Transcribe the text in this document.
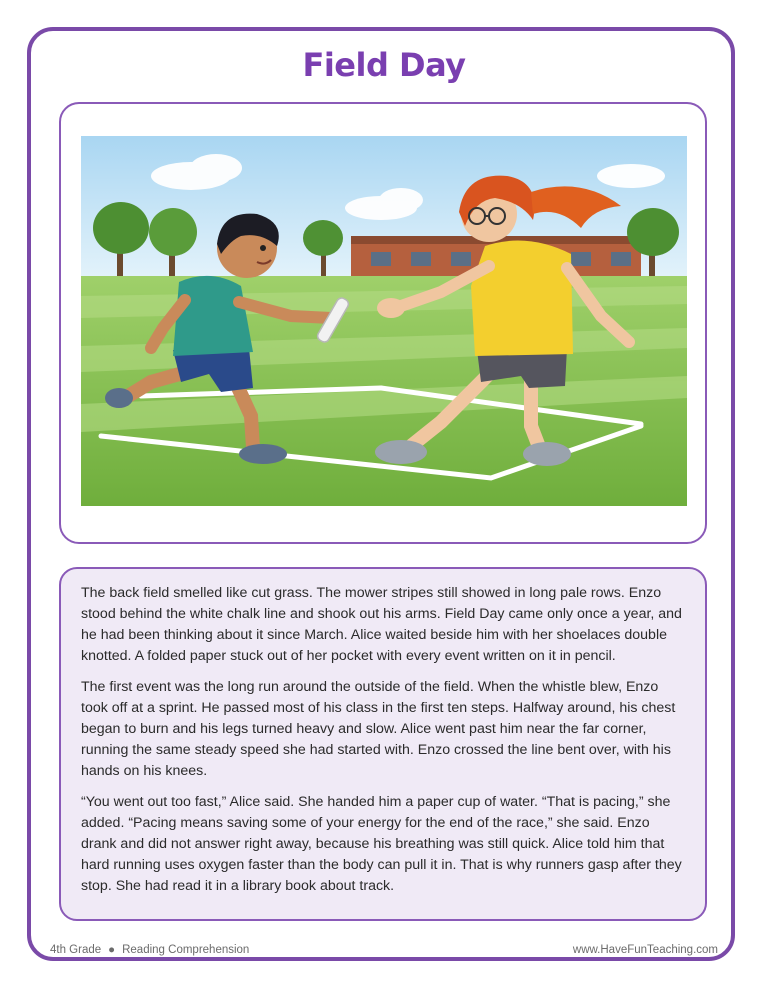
Field Day

The back field smelled like cut grass. The mower stripes still showed in long pale rows. Enzo stood behind the white chalk line and shook out his arms. Field Day came only once a year, and he had been thinking about it since March. Alice waited beside him with her shoelaces double knotted. A folded paper stuck out of her pocket with every event written on it in pencil.

The first event was the long run around the outside of the field. When the whistle blew, Enzo took off at a sprint. He passed most of his class in the first ten steps. Halfway around, his chest began to burn and his legs turned heavy and slow. Alice went past him near the far corner, running the same steady speed she had started with. Enzo crossed the line bent over, with his hands on his knees.

“You went out too fast,” Alice said. She handed him a paper cup of water. “That is pacing,” she added. “Pacing means saving some of your energy for the end of the race,” she said. Enzo drank and did not answer right away, because his breathing was still quick. Alice told him that hard running uses oxygen faster than the body can pull it in. That is why runners gasp after they stop. She had read it in a library book about track.

4th Grade ● Reading Comprehension	www.HaveFunTeaching.com
